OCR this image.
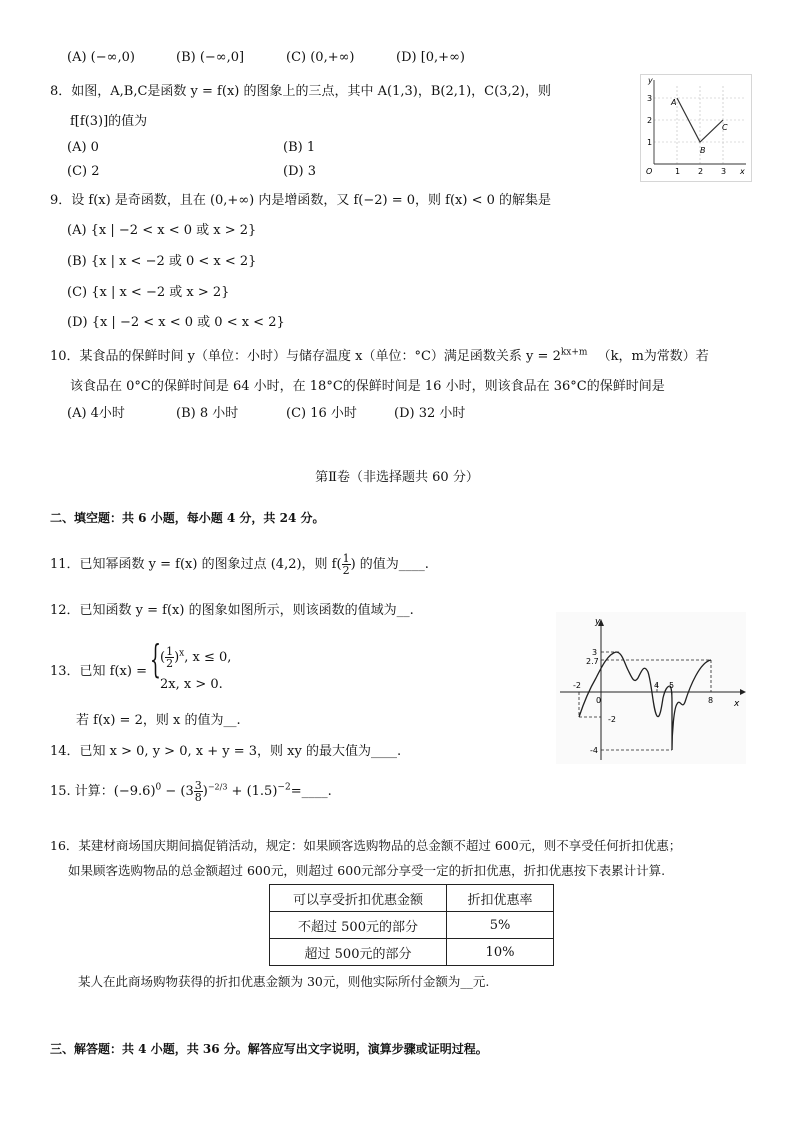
(A) (−∞,0)	(B) (−∞,0]	(C) (0,+∞)	(D) [0,+∞)
8．如图，A,B,C是函数 y = f(x) 的图象上的三点，其中 A(1,3)，B(2,1)，C(3,2)，则
f[f(3)]的值为
(A) 0	(B) 1
(C) 2	(D) 3
y
x
O	1 2 3
1
2
3 A
B
C
9．设 f(x) 是奇函数，且在 (0,+∞) 内是增函数，又 f(−2) = 0，则 f(x) < 0 的解集是
(A) {x | −2 < x < 0 或 x > 2}
(B) {x | x < −2 或 0 < x < 2}
(C) {x | x < −2 或 x > 2}
(D) {x | −2 < x < 0 或 0 < x < 2}
10．某食品的保鲜时间 y（单位：小时）与储存温度 x（单位：°C）满足函数关系 $y = 2^{kx+m}$ （k，m为常数）若
该食品在 0°C的保鲜时间是 64 小时，在 18°C的保鲜时间是 16 小时，则该食品在 36°C的保鲜时间是
(A) 4小时	(B) 8 小时	(C) 16 小时	(D) 32 小时
第Ⅱ卷（非选择题共 60 分）
二、填空题：共 6 小题，每小题 4 分，共 24 分。
11．已知幂函数 y = f(x) 的图象过点 (4,2)，则 $f( \frac{1}{2}$ ) 的值为____.
12．已知函数 y = f(x) 的图象如图所示，则该函数的值域为__.
13．已知 f(x) = { ( $\frac{1}{2} )^x$, x ≤ 0,
2x, x > 0.
若 f(x) = 2，则 x 的值为__.
y
x
-2
0
4 5
8
3
2.7
-2
-4
14．已知 x > 0, y > 0, x + y = 3，则 xy 的最大值为____.
15. 计算：$(-9.6)^0 - (3 \frac{3}{8} )^{-2/3}$ + $(1.5)^{-2}=\_\_\_\_$.
16．某建材商场国庆期间搞促销活动，规定：如果顾客选购物品的总金额不超过 600元，则不享受任何折扣优惠；
如果顾客选购物品的总金额超过 600元，则超过 600元部分享受一定的折扣优惠，折扣优惠按下表累计计算.
可以享受折扣优惠金额	折扣优惠率
不超过 500元的部分	5%
超过 500元的部分	10%
某人在此商场购物获得的折扣优惠金额为 30元，则他实际所付金额为__元.
三、解答题：共 4 小题，共 36 分。解答应写出文字说明，演算步骤或证明过程。
